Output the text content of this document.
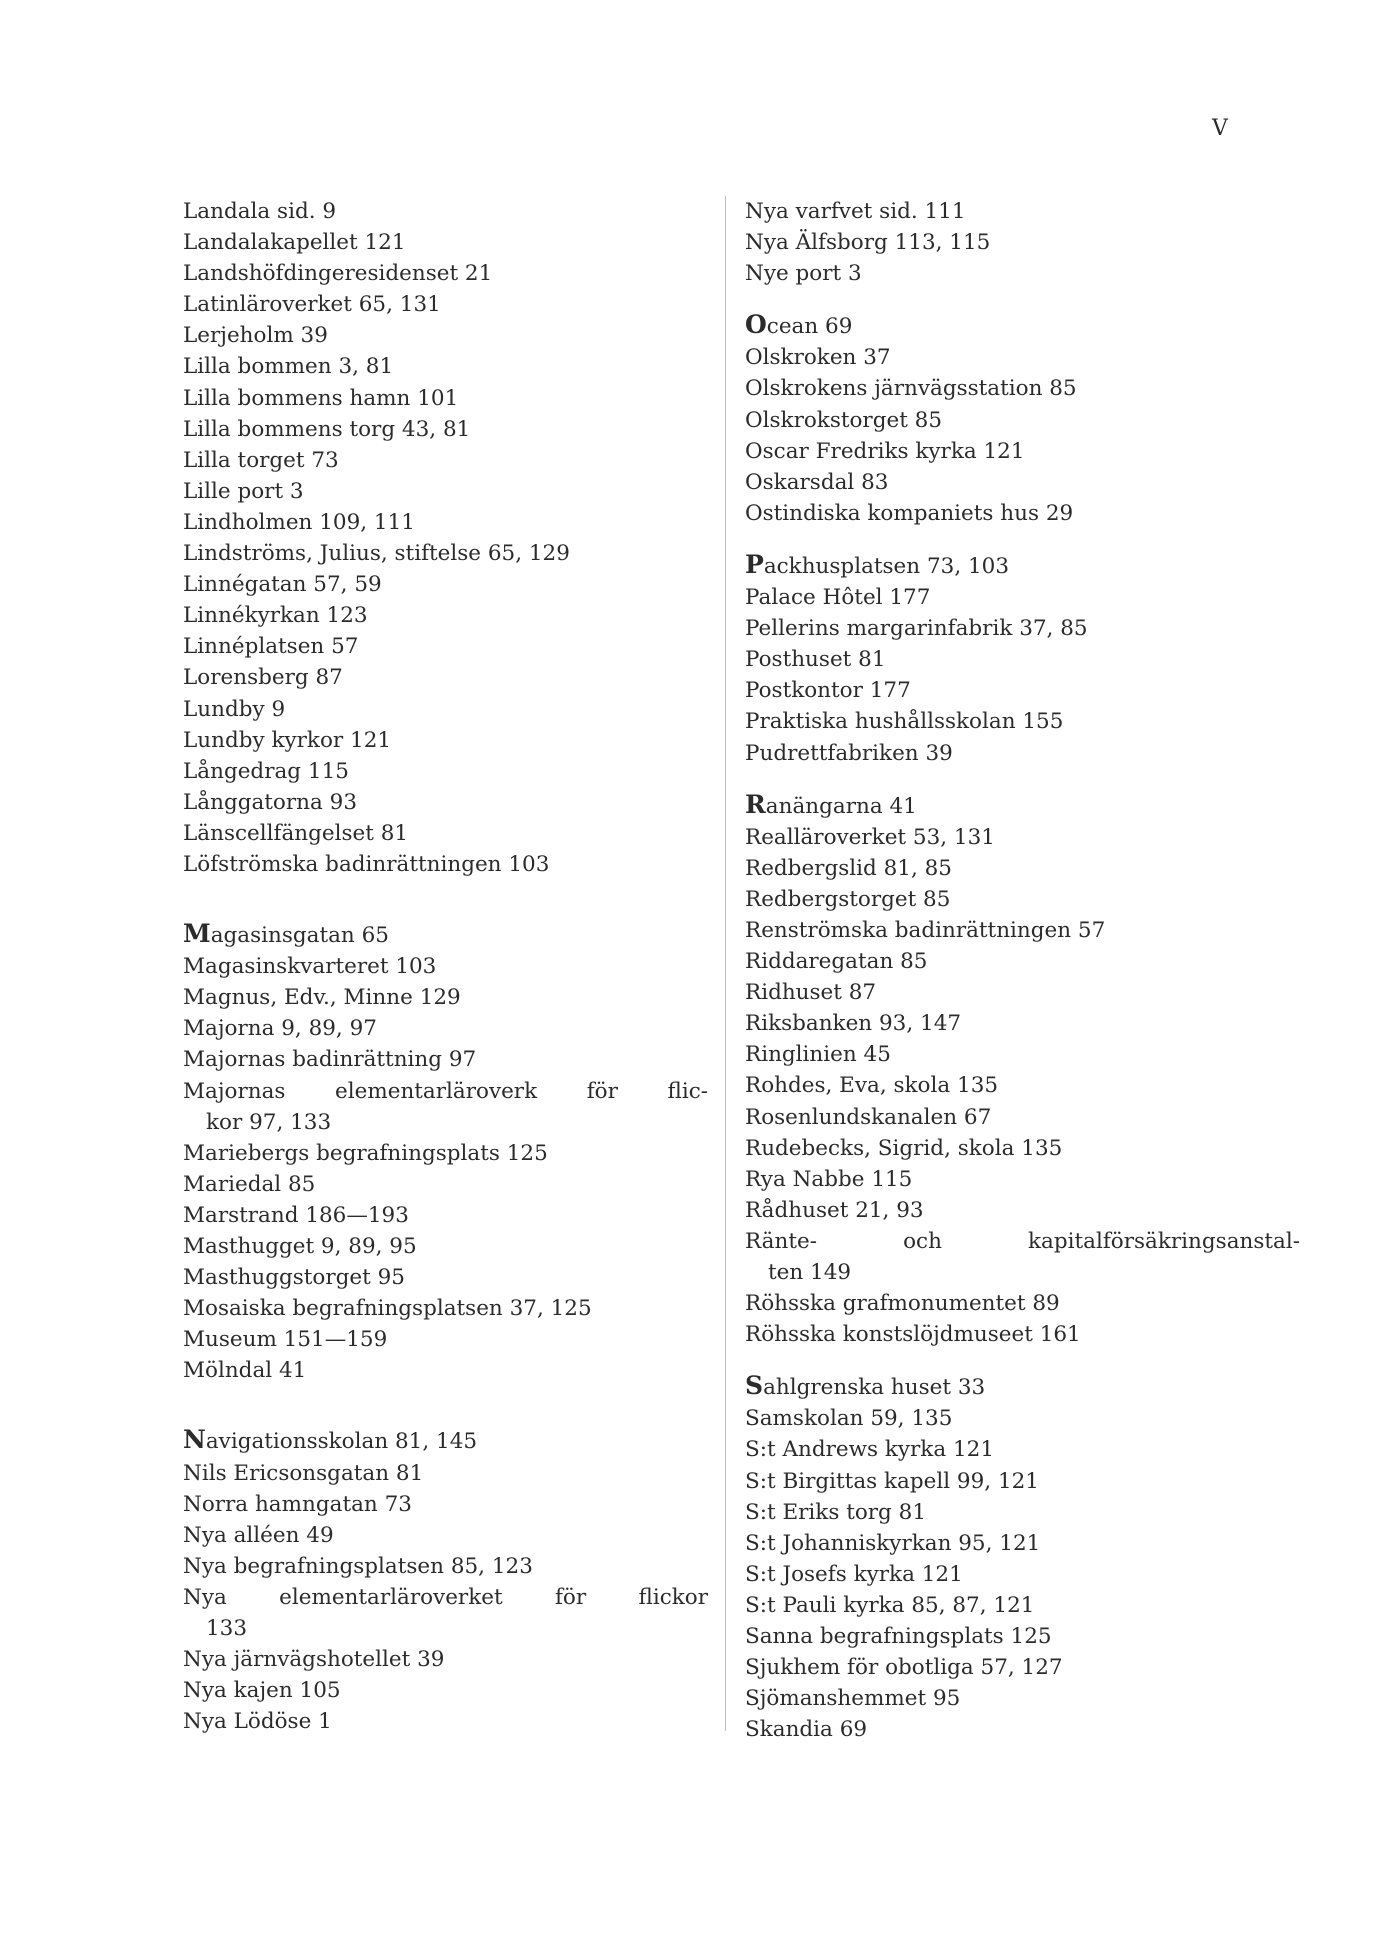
V
Landala sid. 9
Landalakapellet 121
Landshöfdingeresidenset 21
Latinläroverket 65, 131
Lerjeholm 39
Lilla bommen 3, 81
Lilla bommens hamn 101
Lilla bommens torg 43, 81
Lilla torget 73
Lille port 3
Lindholmen 109, 111
Lindströms, Julius, stiftelse 65, 129
Linnégatan 57, 59
Linnékyrkan 123
Linnéplatsen 57
Lorensberg 87
Lundby 9
Lundby kyrkor 121
Långedrag 115
Långgatorna 93
Länscellfängelset 81
Löfströmska badinrättningen 103
Magasinsgatan 65
Magasinskvarteret 103
Magnus, Edv., Minne 129
Majorna 9, 89, 97
Majornas badinrättning 97
Majornas elementarläroverk för flic-
kor 97, 133
Mariebergs begrafningsplats 125
Mariedal 85
Marstrand 186—193
Masthugget 9, 89, 95
Masthuggstorget 95
Mosaiska begrafningsplatsen 37, 125
Museum 151—159
Mölndal 41
Navigationsskolan 81, 145
Nils Ericsonsgatan 81
Norra hamngatan 73
Nya alléen 49
Nya begrafningsplatsen 85, 123
Nya elementarläroverket för flickor
133
Nya järnvägshotellet 39
Nya kajen 105
Nya Lödöse 1
Nya varfvet sid. 111
Nya Älfsborg 113, 115
Nye port 3
Ocean 69
Olskroken 37
Olskrokens järnvägsstation 85
Olskrokstorget 85
Oscar Fredriks kyrka 121
Oskarsdal 83
Ostindiska kompaniets hus 29
Packhusplatsen 73, 103
Palace Hôtel 177
Pellerins margarinfabrik 37, 85
Posthuset 81
Postkontor 177
Praktiska hushållsskolan 155
Pudrettfabriken 39
Ranängarna 41
Realläroverket 53, 131
Redbergslid 81, 85
Redbergstorget 85
Renströmska badinrättningen 57
Riddaregatan 85
Ridhuset 87
Riksbanken 93, 147
Ringlinien 45
Rohdes, Eva, skola 135
Rosenlundskanalen 67
Rudebecks, Sigrid, skola 135
Rya Nabbe 115
Rådhuset 21, 93
Ränte- och kapitalförsäkringsanstal-
ten 149
Röhsska grafmonumentet 89
Röhsska konstslöjdmuseet 161
Sahlgrenska huset 33
Samskolan 59, 135
S:t Andrews kyrka 121
S:t Birgittas kapell 99, 121
S:t Eriks torg 81
S:t Johanniskyrkan 95, 121
S:t Josefs kyrka 121
S:t Pauli kyrka 85, 87, 121
Sanna begrafningsplats 125
Sjukhem för obotliga 57, 127
Sjömanshemmet 95
Skandia 69
